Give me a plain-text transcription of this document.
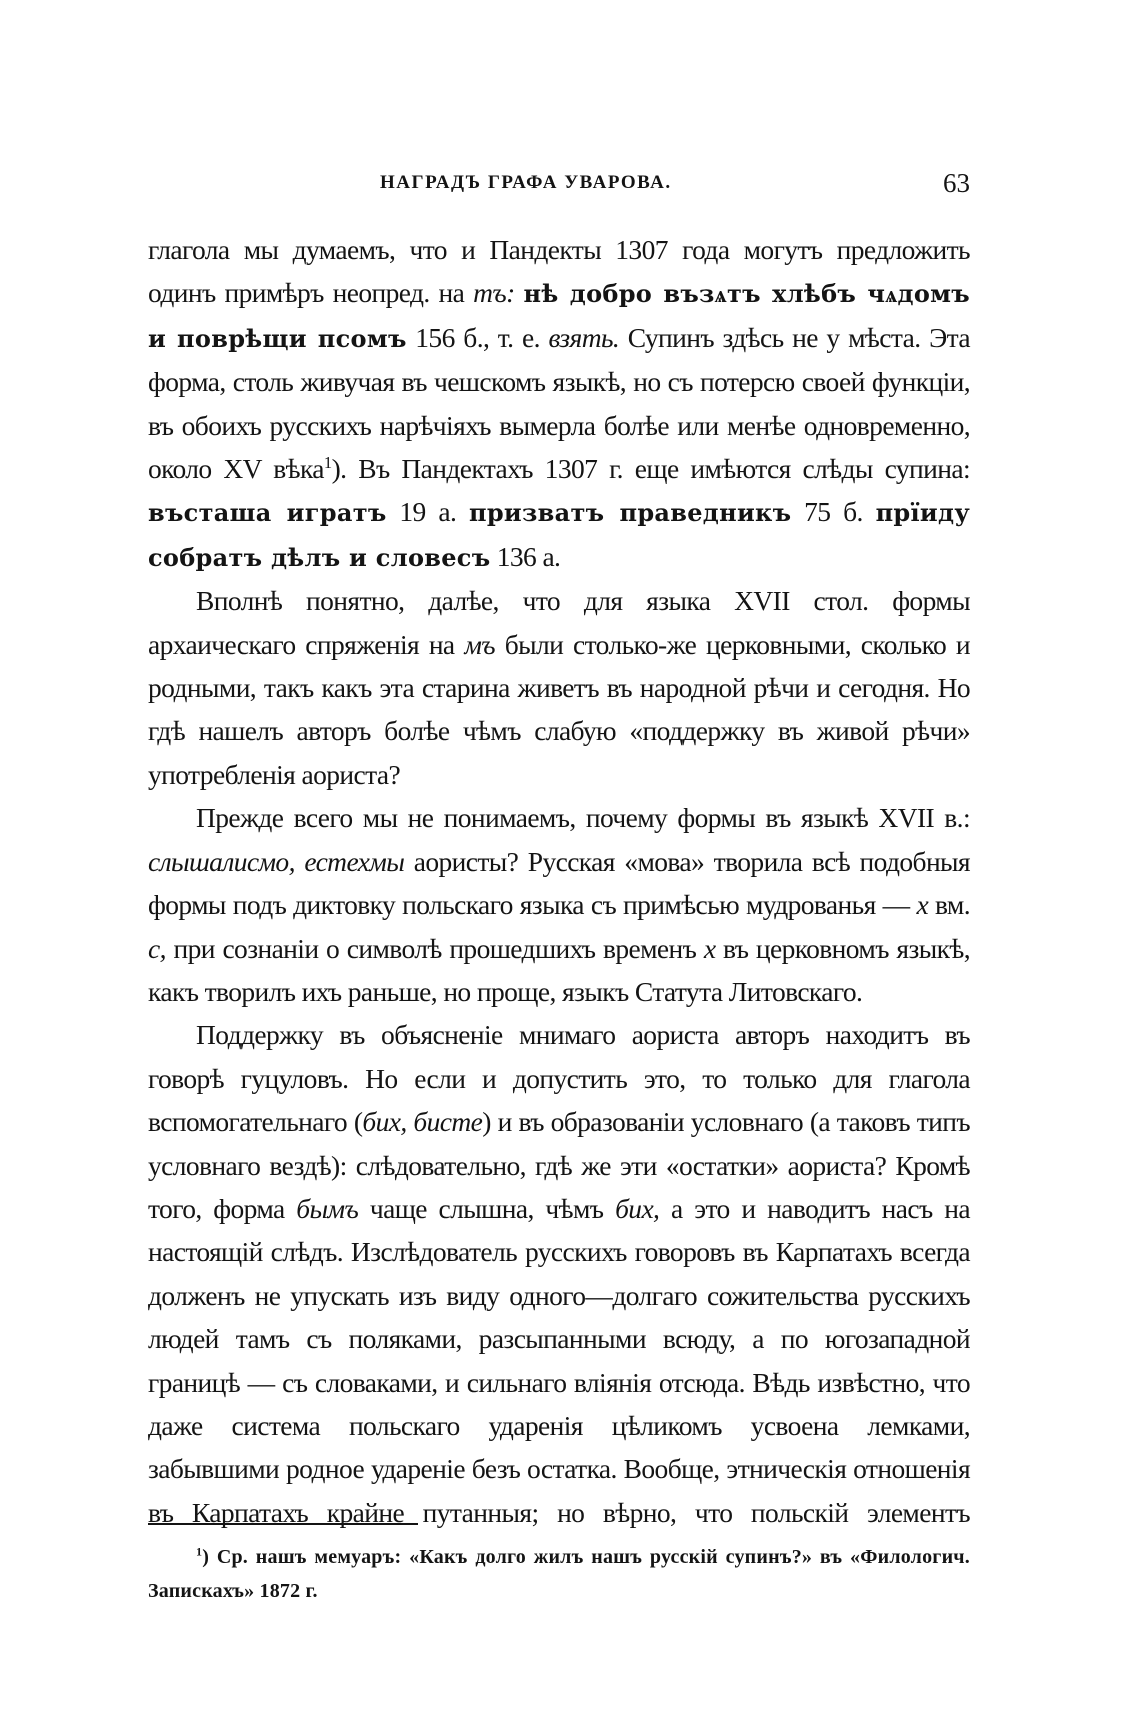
НАГРАДЪ ГРАФА УВАРОВА.	63

глагола мы думаемъ, что и Пандекты 1307 года могутъ предложить одинъ примѣръ неопред. на тъ: нѣ добро възѧтъ хлѣбъ чѧдомъ и поврѣщи псомъ 156 б., т. е. взять. Супинъ здѣсь не у мѣста. Эта форма, столь живучая въ чешскомъ языкѣ, но съ потерсю своей функціи, въ обоихъ русскихъ нарѣчіяхъ вымерла болѣе или менѣе одновременно, около XV вѣка$^1$). Въ Пандектахъ 1307 г. еще имѣются слѣды супина: въсташа игратъ 19 а. призватъ праведникъ 75 б. прїиду собратъ дѣлъ и словесъ 136 а.

Вполнѣ понятно, далѣе, что для языка XVII стол. формы архаическаго спряженія на мъ были столько-же церковными, сколько и родными, такъ какъ эта старина живетъ въ народной рѣчи и сегодня. Но гдѣ нашелъ авторъ болѣе чѣмъ слабую «поддержку въ живой рѣчи» употребленія аориста?

Прежде всего мы не понимаемъ, почему формы въ языкѣ XVII в.: слышалисмо, естехмы аористы? Русская «мова» творила всѣ подобныя формы подъ диктовку польскаго языка съ примѣсью мудрованья — х вм. с, при сознаніи о символѣ прошедшихъ временъ х въ церковномъ языкѣ, какъ творилъ ихъ раньше, но проще, языкъ Статута Литовскаго.

Поддержку въ объясненіе мнимаго аориста авторъ находитъ въ говорѣ гуцуловъ. Но если и допустить это, то только для глагола вспомогательнаго (бих, бисте) и въ образованіи условнаго (а таковъ типъ условнаго вездѣ): слѣдовательно, гдѣ же эти «остатки» аориста? Кромѣ того, форма бымъ чаще слышна, чѣмъ бих, а это и наводитъ насъ на настоящій слѣдъ. Изслѣдователь русскихъ говоровъ въ Карпатахъ всегда долженъ не упускать изъ виду одного—долгаго сожительства русскихъ людей тамъ съ поляками, разсыпанными всюду, а по югозападной границѣ — съ словаками, и сильнаго вліянія отсюда. Вѣдь извѣстно, что даже система польскаго ударенія цѣликомъ усвоена лемками, забывшими родное удареніе безъ остатка. Вообще, этническія отношенія въ Карпатахъ крайне путанныя; но вѣрно, что польскій элементъ

$^1$) Ср. нашъ мемуаръ: «Какъ долго жилъ нашъ русскій супинъ?» въ «Филологич. Запискахъ» 1872 г.
